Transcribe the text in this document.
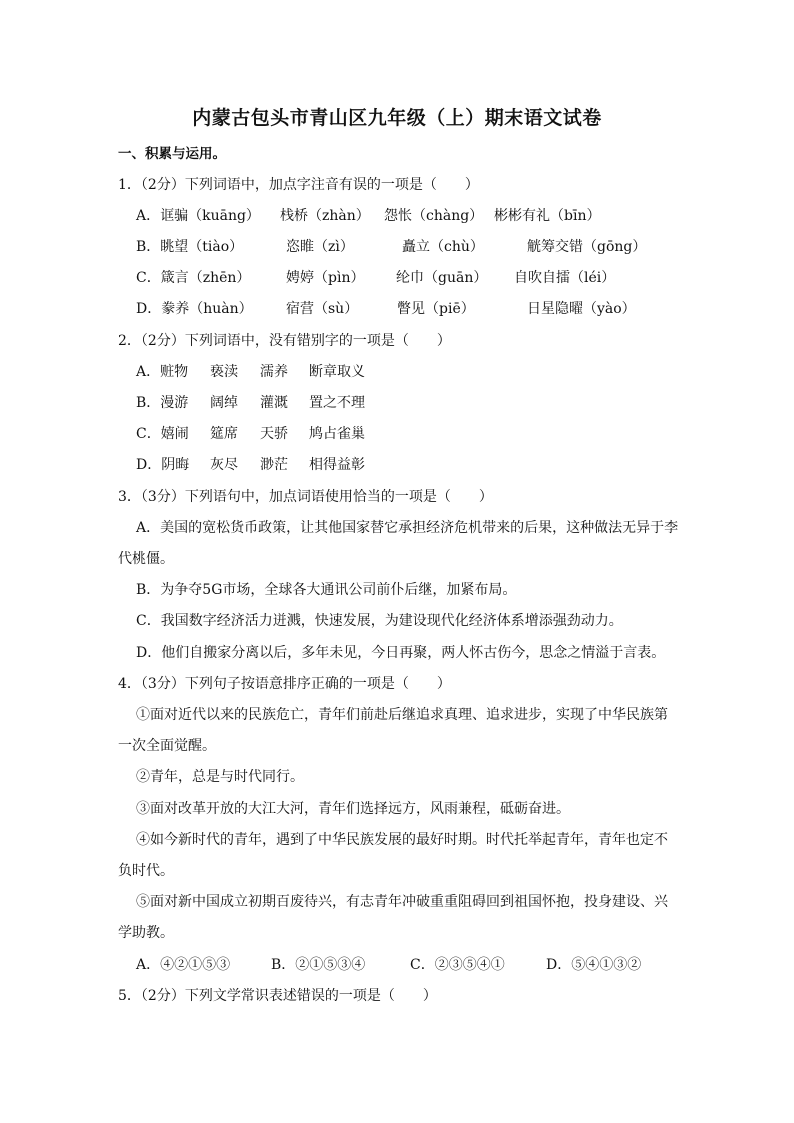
内蒙古包头市青山区九年级（上）期末语文试卷
一、积累与运用。
1．（2分）下列词语中，加点字注音有误的一项是（　　）
A．诓骗（kuāng） 栈桥（zhàn） 怨怅（chàng） 彬彬有礼（bīn）
B．眺望（tiào）	恣睢（zì）	矗立（chù）	觥筹交错（gōng）
C．箴言（zhēn）	娉婷（pìn） 纶巾（guān） 自吹自擂（léi）
D．豢养（huàn） 宿营（sù）	瞥见（piē）	日星隐曜（yào）
2．（2分）下列词语中，没有错别字的一项是（　　）
A．赃物 亵渎 濡养 断章取义
B．漫游 阔绰 灌溉 置之不理
C．嬉闹 筵席 天骄 鸠占雀巢
D．阴晦 灰尽 渺茫 相得益彰
3．（3分）下列语句中，加点词语使用恰当的一项是（　　）
A．美国的宽松货币政策，让其他国家替它承担经济危机带来的后果，这种做法无异于李
代桃僵。
B．为争夺5G市场，全球各大通讯公司前仆后继，加紧布局。
C．我国数字经济活力迸溅，快速发展，为建设现代化经济体系增添强劲动力。
D．他们自搬家分离以后，多年未见，今日再聚，两人怀古伤今，思念之情溢于言表。
4．（3分）下列句子按语意排序正确的一项是（　　）
①面对近代以来的民族危亡，青年们前赴后继追求真理、追求进步，实现了中华民族第
一次全面觉醒。
②青年，总是与时代同行。
③面对改革开放的大江大河，青年们选择远方，风雨兼程，砥砺奋进。
④如今新时代的青年，遇到了中华民族发展的最好时期。时代托举起青年，青年也定不
负时代。
⑤面对新中国成立初期百废待兴，有志青年冲破重重阻碍回到祖国怀抱，投身建设、兴
学助教。
A．④②①⑤③	B．②①⑤③④	C．②③⑤④①	D．⑤④①③②
5．（2分）下列文学常识表述错误的一项是（　　）
